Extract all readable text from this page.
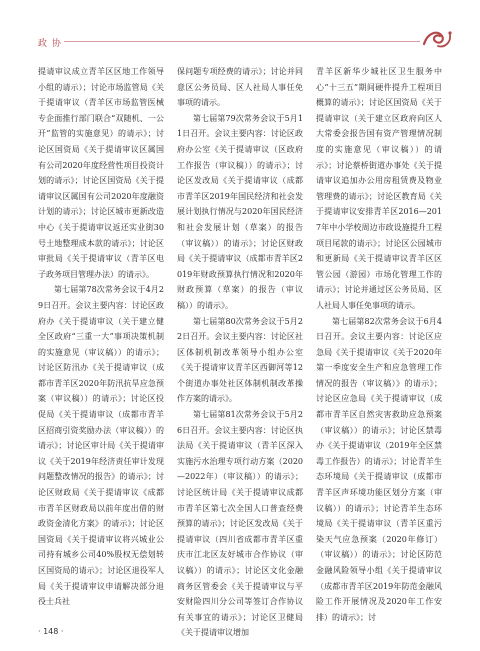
政 协

提请审议成立青羊区区地工作领导小组的请示）；讨论市场监管局《关于提请审议（青羊区市场监管医械专企面推行部门联合“双随机、一公开”监管的实施意见）的请示》；讨论区国资局《关于提请审议区属国有公司2020年度经营性项目投资计划的请示》；讨论区国资局《关于提请审议区属国有公司2020年度融资计划的请示》；讨论区城市更新改造中心《关于提请审议返还实业街30号土地整理成本款的请示》；讨论区审批局《关于提请审议（青羊区电子政务项目管理办法）的请示》。

第七届第78次常务会议于4月29日召开。会议主要内容：讨论区政府办《关于提请审议（关于建立健全区政府“三重一大”事项决策机制的实施意见（审议稿））的请示》；讨论区防汛办《关于提请审议（成都市青羊区2020年防汛抗旱应急预案（审议稿））的请示》；讨论区投促局《关于提请审议（成都市青羊区招商引资奖励办法（审议稿））的请示》；讨论区审计局《关于提请审议《关于2019年经济责任审计发现问题整改情况的报告》的请示》；讨论区财政局《关于提请审议《成都市青羊区财政局以前年度出借的财政资金清化方案》的请示》；讨论区国资局《关于提请审议将兴城业公司持有城乡公司40%股权无偿划转区国资局的请示》；讨论区退役军人局《关于提请审议申请解决部分退役士兵社

保问题专项经费的请示》；讨论并同意区公务员局、区人社局人事任免事项的请示。

第七届第79次常务会议于5月11日召开。会议主要内容：讨论区政府办公室《关于提请审议（区政府工作报告（审议稿））的请示》；讨论区发改局《关于提请审议（成都市青羊区2019年国民经济和社会发展计划执行情况与2020年国民经济和社会发展计划（草案）的报告（审议稿））的请示》；讨论区财政局《关于提请审议（成都市青羊区2019年财政预算执行情况和2020年财政预算（草案）的报告（审议稿））的请示》。

第七届第80次常务会议于5月22日召开。会议主要内容：讨论区社区体制机制改革领导小组办公室《关于提请审议青羊区西御河等12个街道办事处社区体制机制改革操作方案的请示》。

第七届第81次常务会议于5月26日召开。会议主要内容：讨论区执法局《关于提请审议（青羊区深入实施污水治理专项行动方案（2020—2022年）（审议稿））的请示》；讨论区统计局《关于提请审议成都市青羊区第七次全国人口普查经费预算的请示》；讨论区发改局《关于提请审议（四川省成都市青羊区重庆市江北区友好城市合作协议（审议稿））的请示》；讨论区文化金融商务区管委会《关于提请审议与平安财险四川分公司等签订合作协议有关事宜的请示》；讨论区卫健局《关于提请审议增加

青羊区新华少城社区卫生服务中心“十三五”期间硬件提升工程项目概算的请示》；讨论区国资局《关于提请审议（关于建立区政府向区人大常委会报告国有资产管理情况制度的实施意见（审议稿））的请示》；讨论蔡桥街道办事处《关于提请审议追加办公用房租赁费及物业管理费的请示》；讨论区教育局《关于提请审议安排青羊区2016—2017年中小学校周边市政设施提升工程项目尾款的请示》；讨论区公园城市和更新局《关于提请审议青羊区区管公园（游园）市场化管理工作的请示》；讨论并通过区公务员局、区人社局人事任免事项的请示。

第七届第82次常务会议于6月4日召开。会议主要内容：讨论区应急局《关于提请审议《关于2020年第一季度安全生产和应急管理工作情况的报告（审议稿）》的请示》；讨论区应急局《关于提请审议（成都市青羊区自然灾害救助应急预案（审议稿））的请示》；讨论区禁毒办《关于提请审议（2019年全区禁毒工作报告）的请示》；讨论青羊生态环境局《关于提请审议（成都市青羊区声环境功能区划分方案（审议稿））的请示》；讨论青羊生态环境局《关于提请审议（青羊区重污染天气应急预案（2020年修订）（审议稿））的请示》；讨论区防范金融风险领导小组《关于提请审议（成都市青羊区2019年防范金融风险工作开展情况及2020年工作安排）的请示》；讨

· 148 ·
